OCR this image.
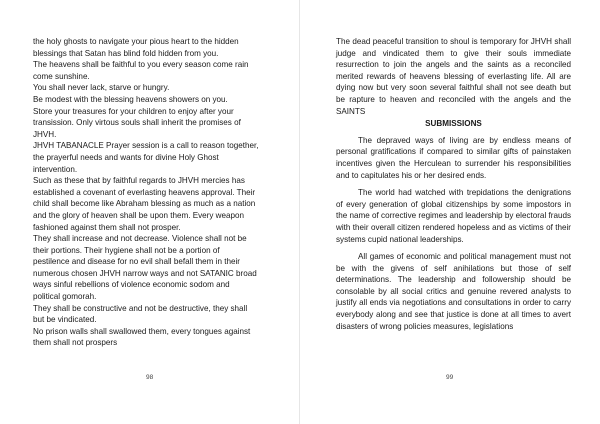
the holy ghosts to navigate your pious heart to the hidden

blessings that Satan has blind fold hidden from you.

The heavens shall be faithful to you every season come rain

come sunshine.

You shall never lack, starve or hungry.

Be modest with the blessing heavens showers on you.

Store your treasures for your children to enjoy after your

transission. Only virtous souls shall inherit the promises of

JHVH.

JHVH TABANACLE Prayer session is a call to reason together,

the prayerful needs and wants for divine Holy Ghost

intervention.

Such as these that by faithful regards to JHVH mercies has

established a covenant of everlasting heavens approval. Their

child shall become like Abraham blessing as much as a nation

and the glory of heaven shall be upon them. Every weapon

fashioned against them shall not prosper.

They shall increase and not decrease. Violence shall not be

their portions. Their hygiene shall not be a portion of

pestilence and disease for no evil shall befall them in their

numerous chosen JHVH narrow ways and not SATANIC broad

ways sinful rebellions of violence economic sodom and

political gomorah.

They shall be constructive and not be destructive, they shall

but be vindicated.

No prison walls shall swallowed them, every tongues against

them shall not prospers

The dead peaceful transition to shoul is temporary for JHVH shall judge and vindicated them to give their souls immediate resurrection to join the angels and the saints as a reconciled merited rewards of heavens blessing of everlasting life. All are dying now but very soon several faithful shall not see death but be rapture to heaven and reconciled with the angels and the SAINTS

SUBMISSIONS

The depraved ways of living are by endless means of personal gratifications if compared to similar gifts of painstaken incentives given the Herculean to surrender his responsibilities and to capitulates his or her desired ends.

The world had watched with trepidations the denigrations of every generation of global citizenships by some impostors in the name of corrective regimes and leadership by electoral frauds with their overall citizen rendered hopeless and as victims of their systems cupid national leaderships.

All games of economic and political management must not be with the givens of self anihilations but those of self determinations. The leadership and followership should be consolable by all social critics and genuine revered analysts to justify all ends via negotiations and consultations in order to carry everybody along and see that justice is done at all times to avert disasters of wrong policies measures, legislations

98	99
